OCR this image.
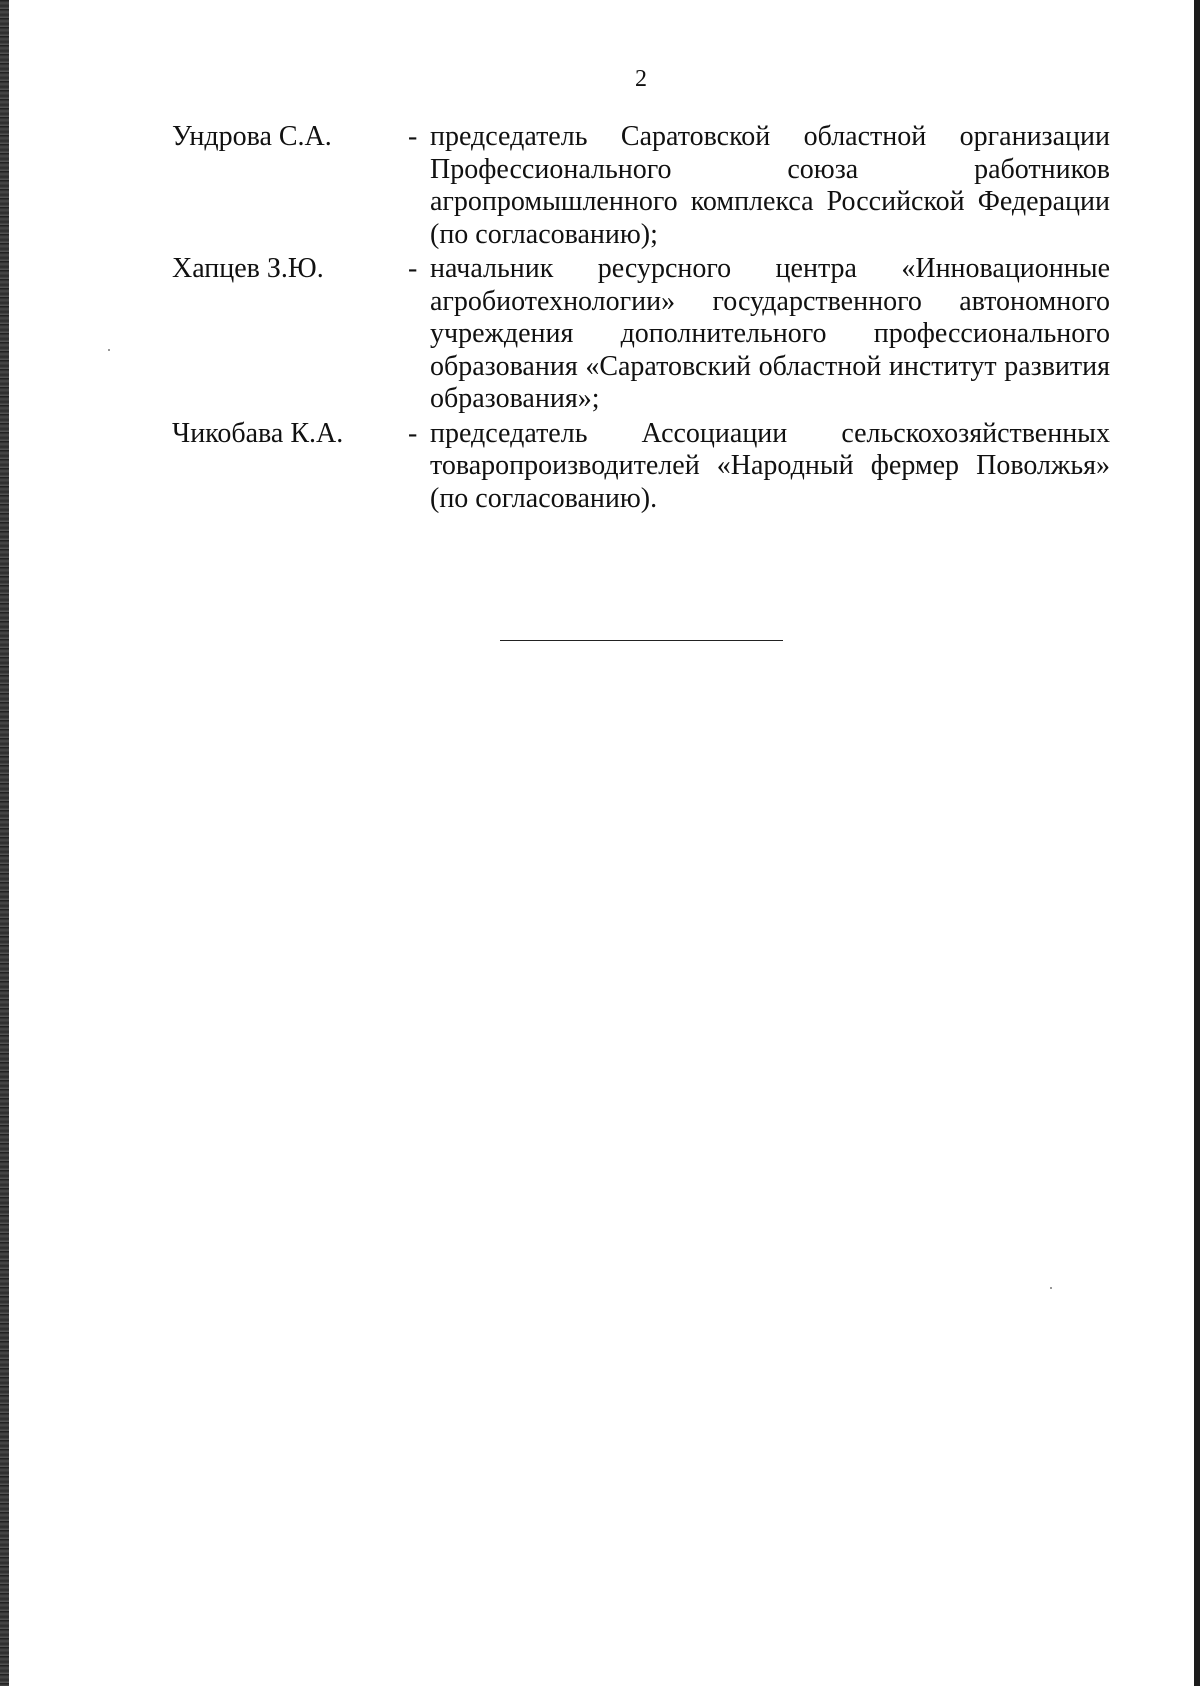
2
Ундрова С.А.	- председатель Саратовской областной организации Профессионального союза работников агропромышленного комплекса Российской Федерации (по согласованию);
Хапцев З.Ю.	- начальник ресурсного центра «Инновационные агробиотехнологии» государственного автономного учреждения дополнительного профессионального образования «Саратовский областной институт развития образования»;
Чикобава К.А.	- председатель Ассоциации сельскохозяйственных товаропроизводителей «Народный фермер Поволжья» (по согласованию).
